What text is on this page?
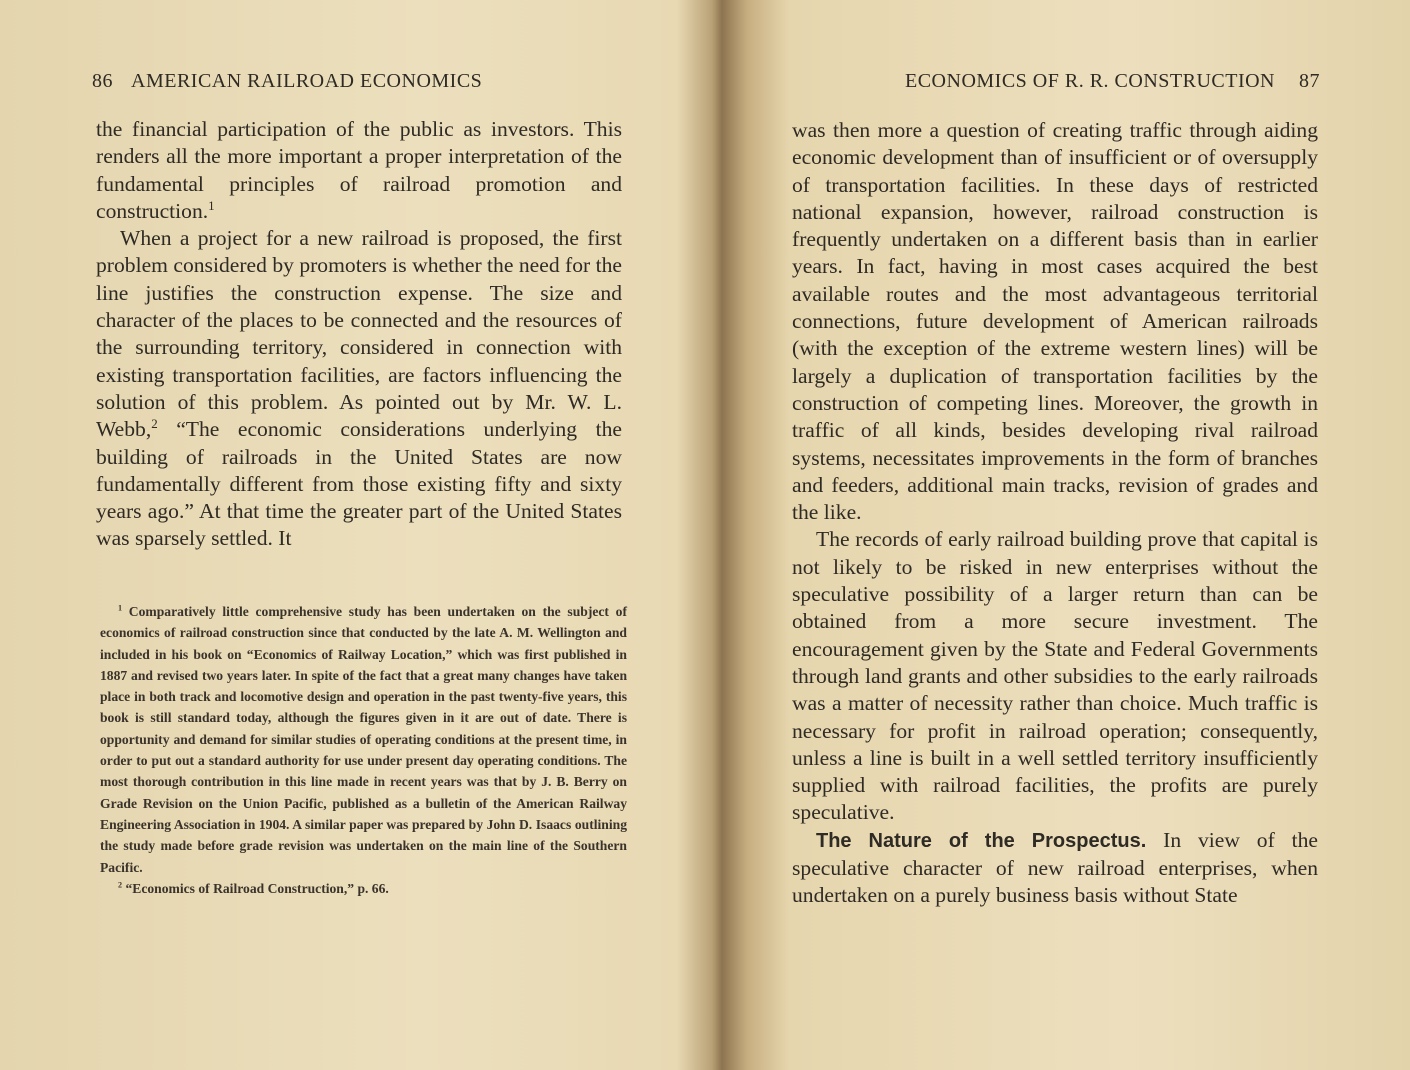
86 AMERICAN RAILROAD ECONOMICS

the financial participation of the public as investors. This renders all the more important a proper interpretation of the fundamental principles of railroad promotion and construction.$^1$

When a project for a new railroad is proposed, the first problem considered by promoters is whether the need for the line justifies the construction expense. The size and character of the places to be connected and the resources of the surrounding territory, considered in connection with existing transportation facilities, are factors influencing the solution of this problem. As pointed out by Mr. W. L. Webb,$^2$ “The economic considerations underlying the building of railroads in the United States are now fundamentally different from those existing fifty and sixty years ago.” At that time the greater part of the United States was sparsely settled. It

$^1$ Comparatively little comprehensive study has been undertaken on the subject of economics of railroad construction since that conducted by the late A. M. Wellington and included in his book on “Economics of Railway Location,” which was first published in 1887 and revised two years later. In spite of the fact that a great many changes have taken place in both track and locomotive design and operation in the past twenty-five years, this book is still standard today, although the figures given in it are out of date. There is opportunity and demand for similar studies of operating conditions at the present time, in order to put out a standard authority for use under present day operating conditions. The most thorough contribution in this line made in recent years was that by J. B. Berry on Grade Revision on the Union Pacific, published as a bulletin of the American Railway Engineering Association in 1904. A similar paper was prepared by John D. Isaacs outlining the study made before grade revision was undertaken on the main line of the Southern Pacific.

$^2$ “Economics of Railroad Construction,” p. 66.

ECONOMICS OF R. R. CONSTRUCTION 87

was then more a question of creating traffic through aiding economic development than of insufficient or of oversupply of transportation facilities. In these days of restricted national expansion, however, railroad construction is frequently undertaken on a different basis than in earlier years. In fact, having in most cases acquired the best available routes and the most advantageous territorial connections, future development of American railroads (with the exception of the extreme western lines) will be largely a duplication of transportation facilities by the construction of competing lines. Moreover, the growth in traffic of all kinds, besides developing rival railroad systems, necessitates improvements in the form of branches and feeders, additional main tracks, revision of grades and the like.

The records of early railroad building prove that capital is not likely to be risked in new enterprises without the speculative possibility of a larger return than can be obtained from a more secure investment. The encouragement given by the State and Federal Governments through land grants and other subsidies to the early railroads was a matter of necessity rather than choice. Much traffic is necessary for profit in railroad operation; consequently, unless a line is built in a well settled territory insufficiently supplied with railroad facilities, the profits are purely speculative.

The Nature of the Prospectus. In view of the speculative character of new railroad enterprises, when undertaken on a purely business basis without State
